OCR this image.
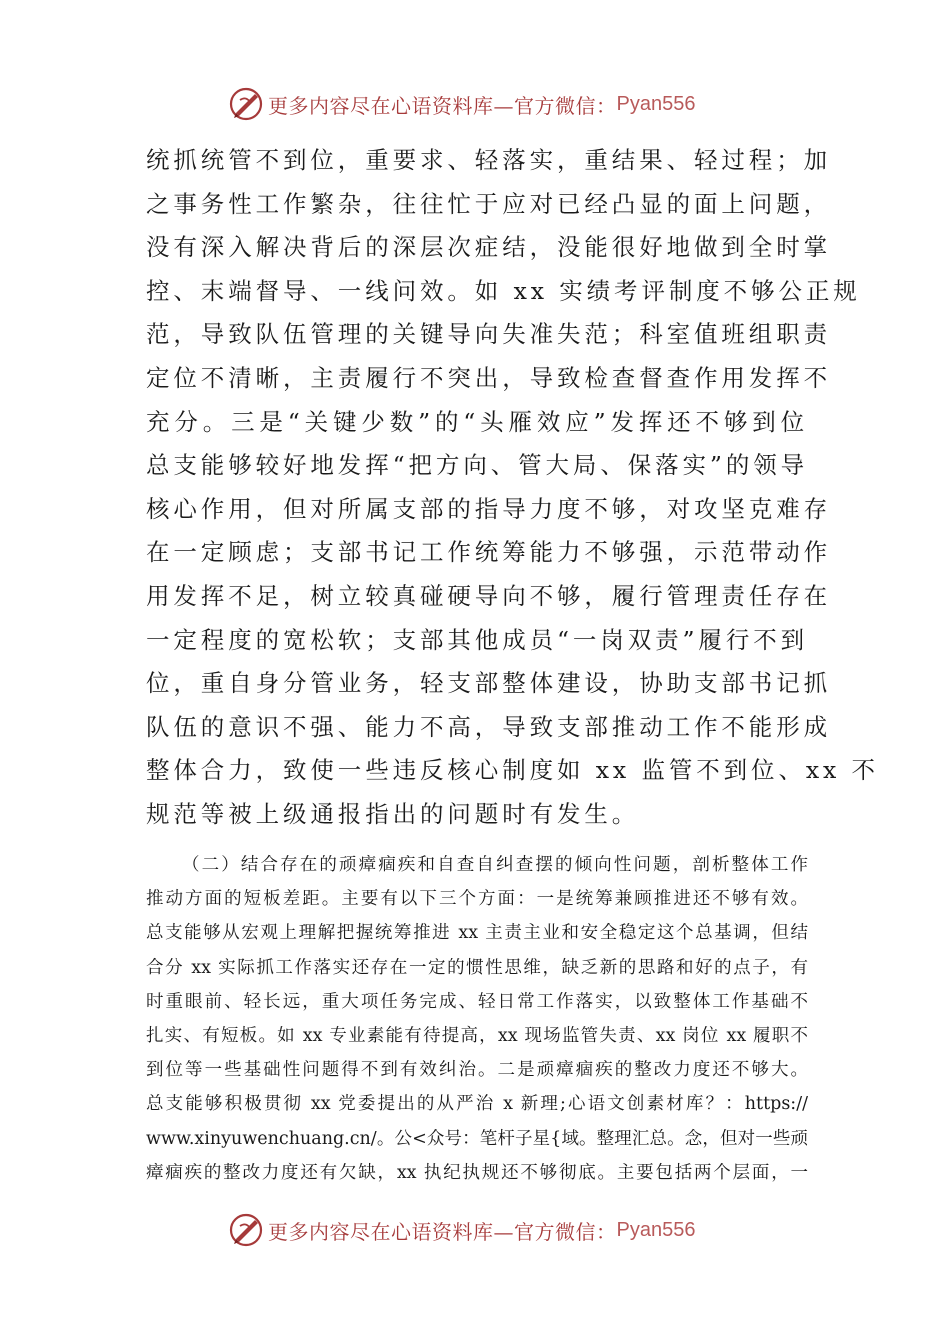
更多内容尽在心语资料库—官方微信： Pyan556
统抓统管不到位，重要求、轻落实，重结果、轻过程；加
之事务性工作繁杂，往往忙于应对已经凸显的面上问题，
没有深入解决背后的深层次症结，没能很好地做到全时掌
控、末端督导、一线问效。如 xx 实绩考评制度不够公正规
范，导致队伍管理的关键导向失准失范；科室值班组职责
定位不清晰，主责履行不突出，导致检查督查作用发挥不
充分。三是“关键少数”的“头雁效应”发挥还不够到位
总支能够较好地发挥“把方向、管大局、保落实”的领导
核心作用，但对所属支部的指导力度不够，对攻坚克难存
在一定顾虑；支部书记工作统筹能力不够强，示范带动作
用发挥不足，树立较真碰硬导向不够，履行管理责任存在
一定程度的宽松软；支部其他成员“一岗双责”履行不到
位，重自身分管业务，轻支部整体建设，协助支部书记抓
队伍的意识不强、能力不高，导致支部推动工作不能形成
整体合力，致使一些违反核心制度如 xx 监管不到位、xx 不
规范等被上级通报指出的问题时有发生。
（二）结合存在的顽瘴痼疾和自查自纠查摆的倾向性问题，剖析整体工作
推动方面的短板差距。主要有以下三个方面：一是统筹兼顾推进还不够有效。
总支能够从宏观上理解把握统筹推进 xx 主责主业和安全稳定这个总基调，但结
合分 xx 实际抓工作落实还存在一定的惯性思维，缺乏新的思路和好的点子，有
时重眼前、轻长远，重大项任务完成、轻日常工作落实，以致整体工作基础不
扎实、有短板。如 xx 专业素能有待提高，xx 现场监管失责、xx 岗位 xx 履职不
到位等一些基础性问题得不到有效纠治。二是顽瘴痼疾的整改力度还不够大。
总支能够积极贯彻 xx 党委提出的从严治 x 新理;心语文创素材库？：https://
www.xinyuwenchuang.cn/。公<众号：笔杆子星{域。整理汇总。念，但对一些顽
瘴痼疾的整改力度还有欠缺，xx 执纪执规还不够彻底。主要包括两个层面，一
更多内容尽在心语资料库—官方微信： Pyan556
